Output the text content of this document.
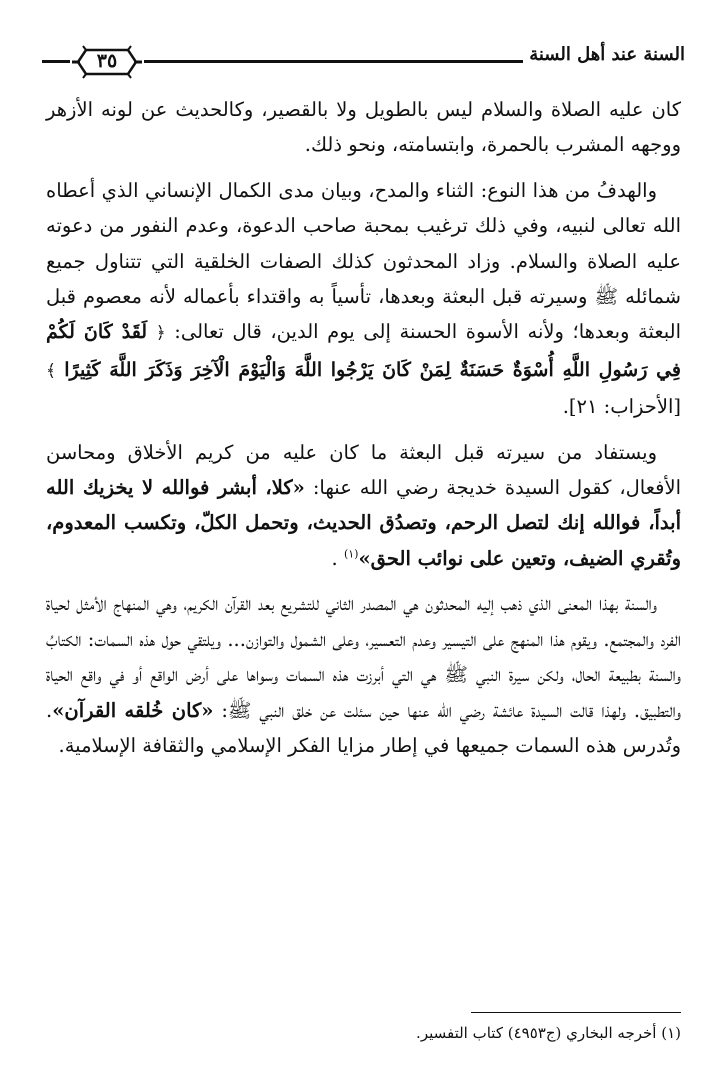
السنة عند أهل السنة
٣٥

كان عليه الصلاة والسلام ليس بالطويل ولا بالقصير، وكالحديث عن لونه الأزهر ووجهه المشرب بالحمرة، وابتسامته، ونحو ذلك.

والهدفُ من هذا النوع: الثناء والمدح، وبيان مدى الكمال الإنساني الذي أعطاه الله تعالى لنبيه، وفي ذلك ترغيب بمحبة صاحب الدعوة، وعدم النفور من دعوته عليه الصلاة والسلام. وزاد المحدثون كذلك الصفات الخلقية التي تتناول جميع شمائله ﷺ وسيرته قبل البعثة وبعدها، تأسياً به واقتداء بأعماله لأنه معصوم قبل البعثة وبعدها؛ ولأنه الأسوة الحسنة إلى يوم الدين، قال تعالى: ﴿ لَقَدْ كَانَ لَكُمْ فِي رَسُولِ اللَّهِ أُسْوَةٌ حَسَنَةٌ لِمَنْ كَانَ يَرْجُوا اللَّهَ وَالْيَوْمَ الْآخِرَ وَذَكَرَ اللَّهَ كَثِيرًا ﴾ [الأحزاب: ٢١].

ويستفاد من سيرته قبل البعثة ما كان عليه من كريم الأخلاق ومحاسن الأفعال، كقول السيدة خديجة رضي الله عنها: «كلا، أبشر فوالله لا يخزيك الله أبداً، فوالله إنك لتصل الرحم، وتصدُق الحديث، وتحمل الكلّ، وتكسب المعدوم، وتُقري الضيف، وتعين على نوائب الحق»$^{(١)}$ .

والسنة بهذا المعنى الذي ذهب إليه المحدثون هي المصدر الثاني للتشريع بعد القرآن الكريم، وهي المنهاج الأمثل لحياة الفرد والمجتمع. ويقوم هذا المنهج على التيسير وعدم التعسير، وعلى الشمول والتوازن... ويلتقي حول هذه السمات: الكتابُ والسنة بطبيعة الحال، ولكن سيرة النبي ﷺ هي التي أبرزت هذه السمات وسواها على أرض الواقع أو في واقع الحياة والتطبيق. ولهذا قالت السيدة عائشة رضي الله عنها حين سئلت عن خلق النبي ﷺ: «كان خُلقه القرآن». وتُدرس هذه السمات جميعها في إطار مزايا الفكر الإسلامي والثقافة الإسلامية.

(١) أخرجه البخاري (ج٤٩٥٣) كتاب التفسير.
